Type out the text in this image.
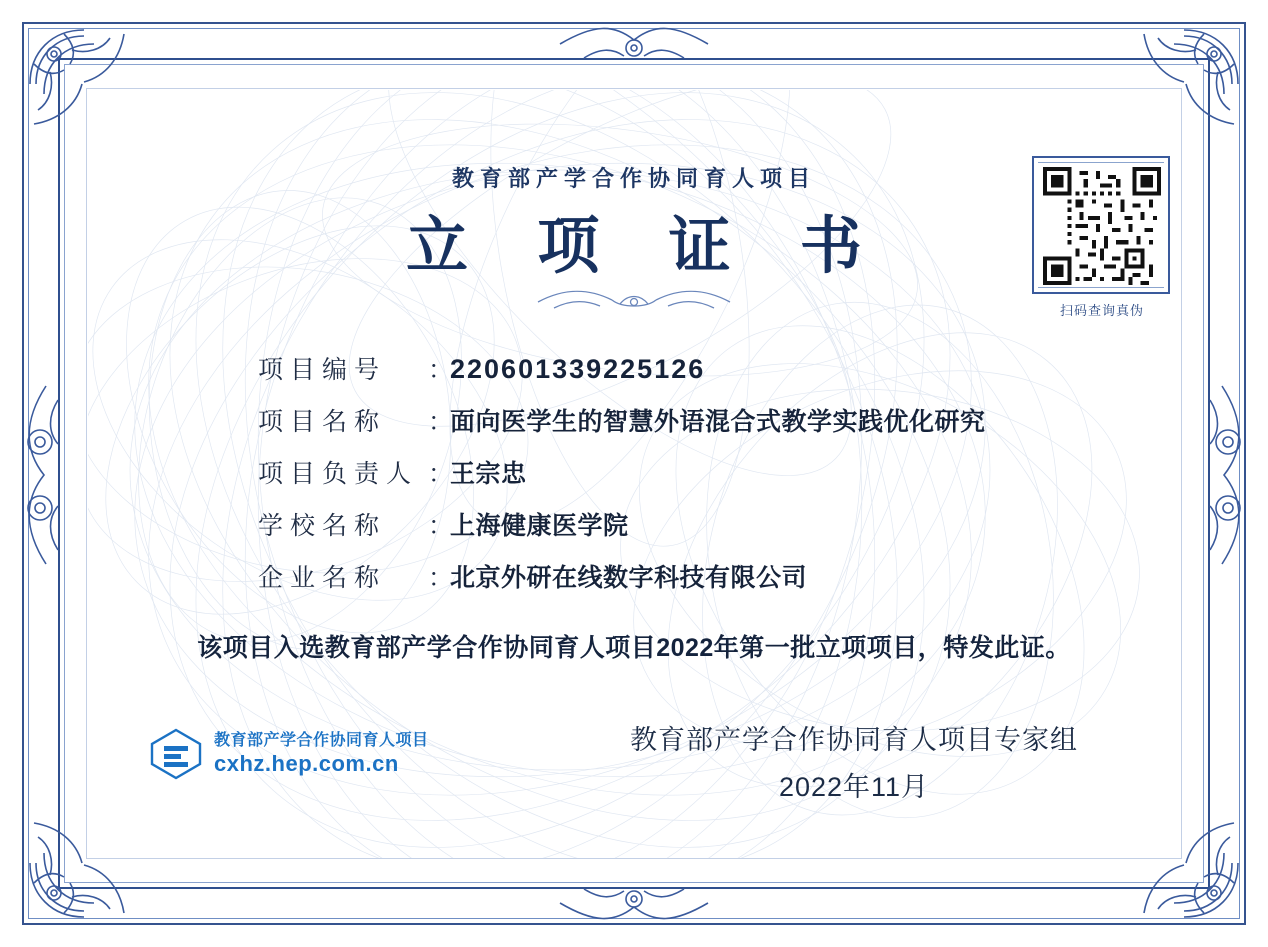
教育部产学合作协同育人项目
立 项 证 书
扫码查询真伪
项目编号	：
220601339225126
项目名称	：
面向医学生的智慧外语混合式教学实践优化研究
项目负责人 ：
王宗忠
学校名称	：
上海健康医学院
企业名称	：
北京外研在线数字科技有限公司
该项目入选教育部产学合作协同育人项目2022年第一批立项项目，特发此证。
教育部产学合作协同育人项目
cxhz.hep.com.cn
教育部产学合作协同育人项目专家组
2022年11月
